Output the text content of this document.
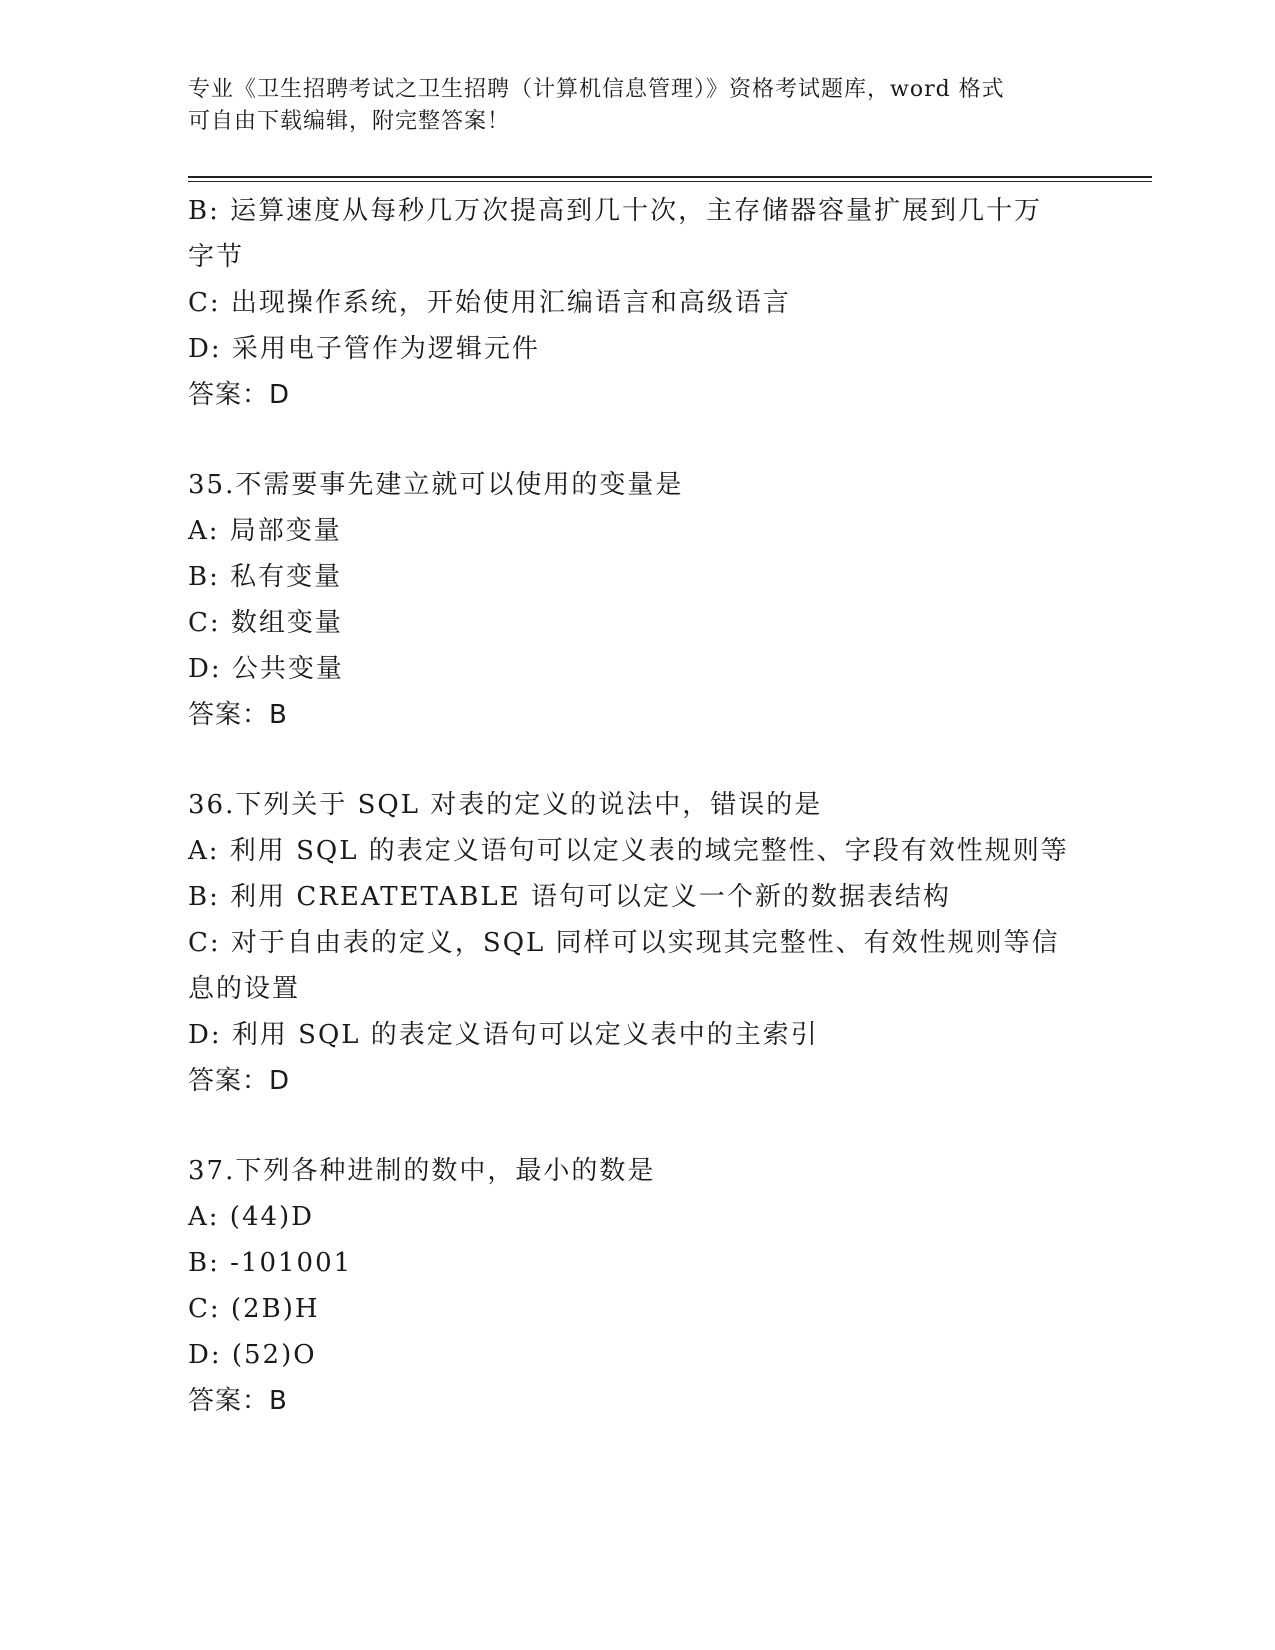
专业《卫生招聘考试之卫生招聘（计算机信息管理）》资格考试题库，word 格式
可自由下载编辑，附完整答案！
B: 运算速度从每秒几万次提高到几十次，主存储器容量扩展到几十万
字节
C: 出现操作系统，开始使用汇编语言和高级语言
D: 采用电子管作为逻辑元件
答案：D
35.不需要事先建立就可以使用的变量是
A: 局部变量
B: 私有变量
C: 数组变量
D: 公共变量
答案：B
36.下列关于 SQL 对表的定义的说法中，错误的是
A: 利用 SQL 的表定义语句可以定义表的域完整性、字段有效性规则等
B: 利用 CREATETABLE 语句可以定义一个新的数据表结构
C: 对于自由表的定义，SQL 同样可以实现其完整性、有效性规则等信
息的设置
D: 利用 SQL 的表定义语句可以定义表中的主索引
答案：D
37.下列各种进制的数中，最小的数是
A: (44)D
B: -101001
C: (2B)H
D: (52)O
答案：B
